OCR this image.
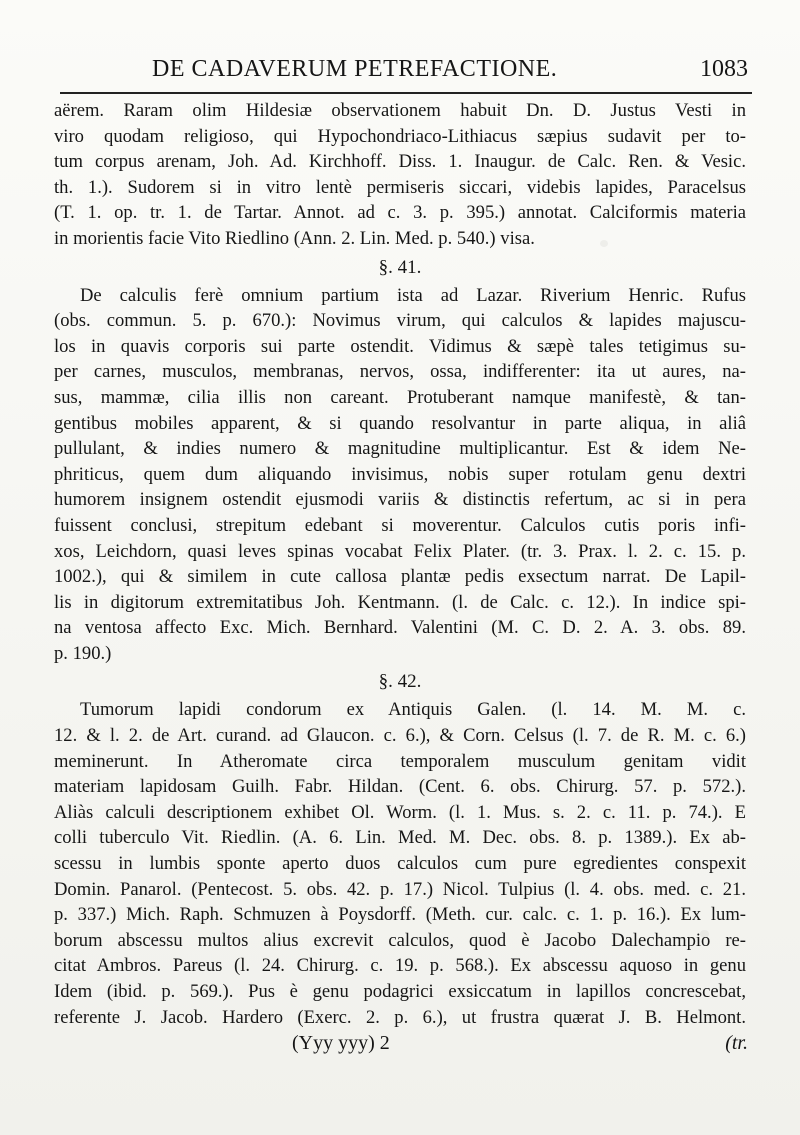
DE CADAVERUM PETREFACTIONE.	1083
aërem. Raram olim Hildesiæ observationem habuit Dn. D. Justus Vesti in
viro quodam religioso, qui Hypochondriaco-Lithiacus sæpius sudavit per to-
tum corpus arenam, Joh. Ad. Kirchhoff. Diss. 1. Inaugur. de Calc. Ren. & Vesic.
th. 1.). Sudorem si in vitro lentè permiseris siccari, videbis lapides, Paracelsus
(T. 1. op. tr. 1. de Tartar. Annot. ad c. 3. p. 395.) annotat. Calciformis materia
in morientis facie Vito Riedlino (Ann. 2. Lin. Med. p. 540.) visa.
§. 41.
De calculis ferè omnium partium ista ad Lazar. Riverium Henric. Rufus
(obs. commun. 5. p. 670.): Novimus virum, qui calculos & lapides majuscu-
los in quavis corporis sui parte ostendit. Vidimus & sæpè tales tetigimus su-
per carnes, musculos, membranas, nervos, ossa, indifferenter: ita ut aures, na-
sus, mammæ, cilia illis non careant. Protuberant namque manifestè, & tan-
gentibus mobiles apparent, & si quando resolvantur in parte aliqua, in aliâ
pullulant, & indies numero & magnitudine multiplicantur. Est & idem Ne-
phriticus, quem dum aliquando invisimus, nobis super rotulam genu dextri
humorem insignem ostendit ejusmodi variis & distinctis refertum, ac si in pera
fuissent conclusi, strepitum edebant si moverentur. Calculos cutis poris infi-
xos, Leichdorn, quasi leves spinas vocabat Felix Plater. (tr. 3. Prax. l. 2. c. 15. p.
1002.), qui & similem in cute callosa plantæ pedis exsectum narrat. De Lapil-
lis in digitorum extremitatibus Joh. Kentmann. (l. de Calc. c. 12.). In indice spi-
na ventosa affecto Exc. Mich. Bernhard. Valentini (M. C. D. 2. A. 3. obs. 89.
p. 190.)
§. 42.
Tumorum lapidi condorum ex Antiquis Galen. (l. 14. M. M. c.
12. & l. 2. de Art. curand. ad Glaucon. c. 6.), & Corn. Celsus (l. 7. de R. M. c. 6.)
meminerunt. In Atheromate circa temporalem musculum genitam vidit
materiam lapidosam Guilh. Fabr. Hildan. (Cent. 6. obs. Chirurg. 57. p. 572.).
Aliàs calculi descriptionem exhibet Ol. Worm. (l. 1. Mus. s. 2. c. 11. p. 74.). E
colli tuberculo Vit. Riedlin. (A. 6. Lin. Med. M. Dec. obs. 8. p. 1389.). Ex ab-
scessu in lumbis sponte aperto duos calculos cum pure egredientes conspexit
Domin. Panarol. (Pentecost. 5. obs. 42. p. 17.) Nicol. Tulpius (l. 4. obs. med. c. 21.
p. 337.) Mich. Raph. Schmuzen à Poysdorff. (Meth. cur. calc. c. 1. p. 16.). Ex lum-
borum abscessu multos alius excrevit calculos, quod è Jacobo Dalechampio re-
citat Ambros. Pareus (l. 24. Chirurg. c. 19. p. 568.). Ex abscessu aquoso in genu
Idem (ibid. p. 569.). Pus è genu podagrici exsiccatum in lapillos concrescebat,
referente J. Jacob. Hardero (Exerc. 2. p. 6.), ut frustra quærat J. B. Helmont.
(Yyy yyy) 2	(tr.
